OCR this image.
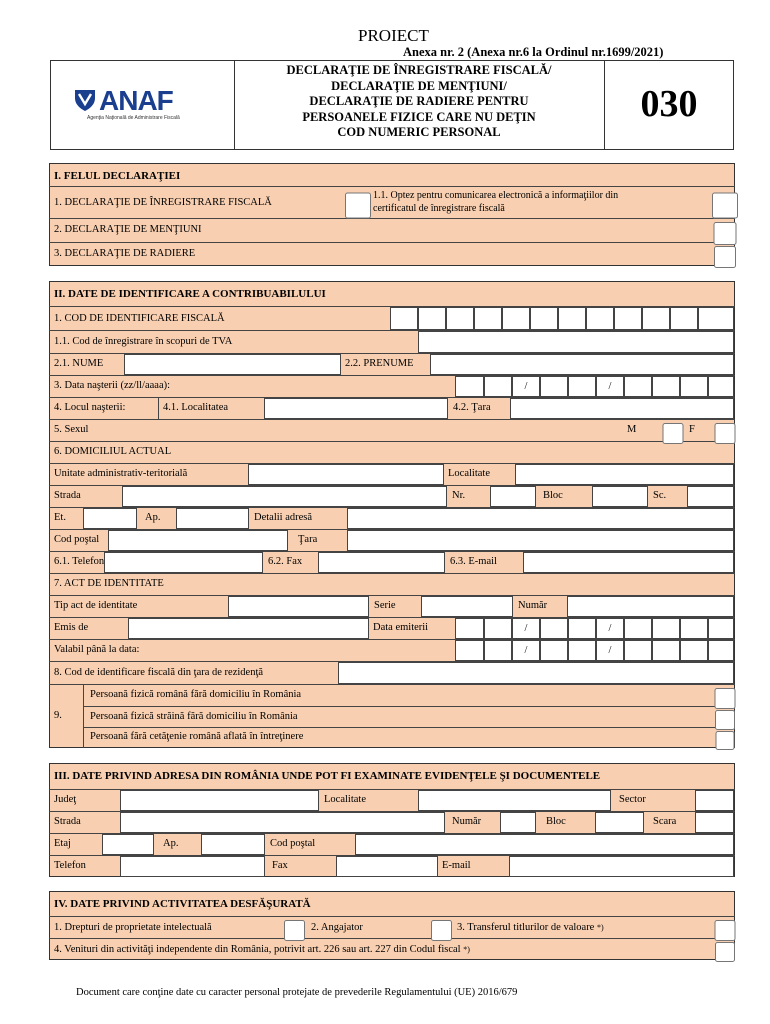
PROIECT
Anexa nr. 2 (Anexa nr.6 la Ordinul nr.1699/2021)
ANAF
Agenţia Naţională de Administrare Fiscală
DECLARAŢIE DE ÎNREGISTRARE FISCALĂ/
DECLARAŢIE DE MENŢIUNI/
DECLARAŢIE DE RADIERE PENTRU
PERSOANELE FIZICE CARE NU DEŢIN
COD NUMERIC PERSONAL
030
I. FELUL DECLARAŢIEI
1. DECLARAŢIE DE ÎNREGISTRARE FISCALĂ
1.1. Optez pentru comunicarea electronică a informaţiilor din
certificatul de înregistrare fiscală
2. DECLARAŢIE DE MENŢIUNI
3. DECLARAŢIE DE RADIERE
II. DATE DE IDENTIFICARE A CONTRIBUABILULUI
1. COD DE IDENTIFICARE FISCALĂ
1.1. Cod de înregistrare în scopuri de TVA
2.1. NUME	2.2. PRENUME
3. Data naşterii (zz/ll/aaaa):	/	/
4. Locul naşterii:	4.1. Localitatea	4.2. Ţara
5. Sexul	M	F
6. DOMICILIUL ACTUAL
Unitate administrativ-teritorială	Localitate
Strada	Nr.	Bloc	Sc.
Et.	Ap.	Detalii adresă
Cod poştal	Ţara
6.1. Telefon	6.2. Fax	6.3. E-mail
7. ACT DE IDENTITATE
Tip act de identitate	Serie	Număr
Emis de	Data emiterii	/	/
Valabil până la data:	/	/
8. Cod de identificare fiscală din ţara de rezidenţă
9.
Persoană fizică română fără domiciliu în România
Persoană fizică străină fără domiciliu în România
Persoană fără cetăţenie română aflată în întreţinere
III. DATE PRIVIND ADRESA DIN ROMÂNIA UNDE POT FI EXAMINATE EVIDENŢELE ŞI DOCUMENTELE
Judeţ	Localitate	Sector
Strada	Număr	Bloc	Scara
Etaj	Ap.	Cod poştal
Telefon	Fax	E-mail
IV. DATE PRIVIND ACTIVITATEA DESFĂŞURATĂ
1. Drepturi de proprietate intelectuală	2. Angajator	3. Transferul titlurilor de valoare *)
4. Venituri din activităţi independente din România, potrivit art. 226 sau art. 227 din Codul fiscal *)
Document care conţine date cu caracter personal protejate de prevederile Regulamentului (UE) 2016/679
